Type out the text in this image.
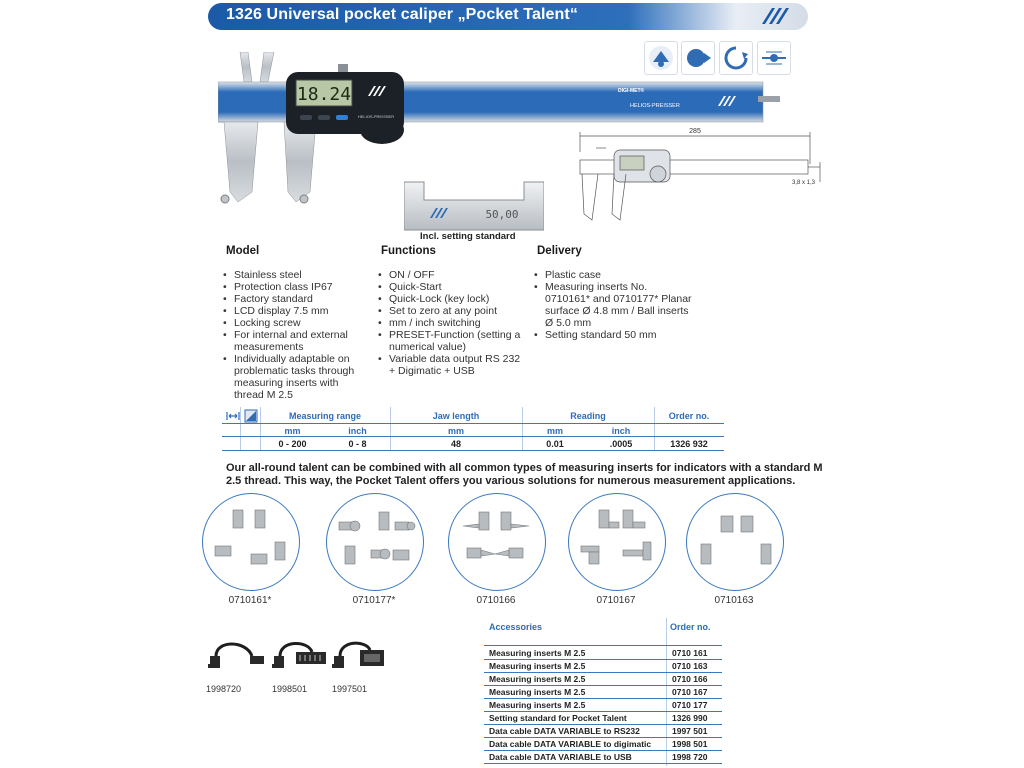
1326 Universal pocket caliper „Pocket Talent“
18.24
HELIOS-PREISSER
DIGI-MET®
HELIOS-PREISSER
50,00
Incl. setting standard
285
3,8 x 1,3
Model
• Stainless steel
• Protection class IP67
• Factory standard
• LCD display 7.5 mm
• Locking screw
• For internal and external measurements
• Individually adaptable on problematic tasks through measuring inserts with thread M 2.5
Functions
• ON / OFF
• Quick-Start
• Quick-Lock (key lock)
• Set to zero at any point
• mm / inch switching
• PRESET-Function (setting a numerical value)
• Variable data output RS 232 + Digimatic + USB
Delivery
• Plastic case
• Measuring inserts No. 0710161* and 0710177* Planar surface Ø 4.8 mm / Ball inserts Ø 5.0 mm
• Setting standard 50 mm
Measuring range	Jaw length	Reading	Order no.
mm	inch	mm	mm	inch
0 - 200	0 - 8	48	0.01	.0005	1326 932
Our all-round talent can be combined with all common types of measuring inserts for indicators with a standard M 2.5 thread. This way, the Pocket Talent offers you various solutions for numerous measurement applications.
0710161*	0710177*	0710166	0710167	0710163
1998720	1998501	1997501
Accessories	Order no.
Measuring inserts M 2.5	0710 161
Measuring inserts M 2.5	0710 163
Measuring inserts M 2.5	0710 166
Measuring inserts M 2.5	0710 167
Measuring inserts M 2.5	0710 177
Setting standard for Pocket Talent	1326 990
Data cable DATA VARIABLE to RS232	1997 501
Data cable DATA VARIABLE to digimatic 1998 501
Data cable DATA VARIABLE to USB	1998 720
